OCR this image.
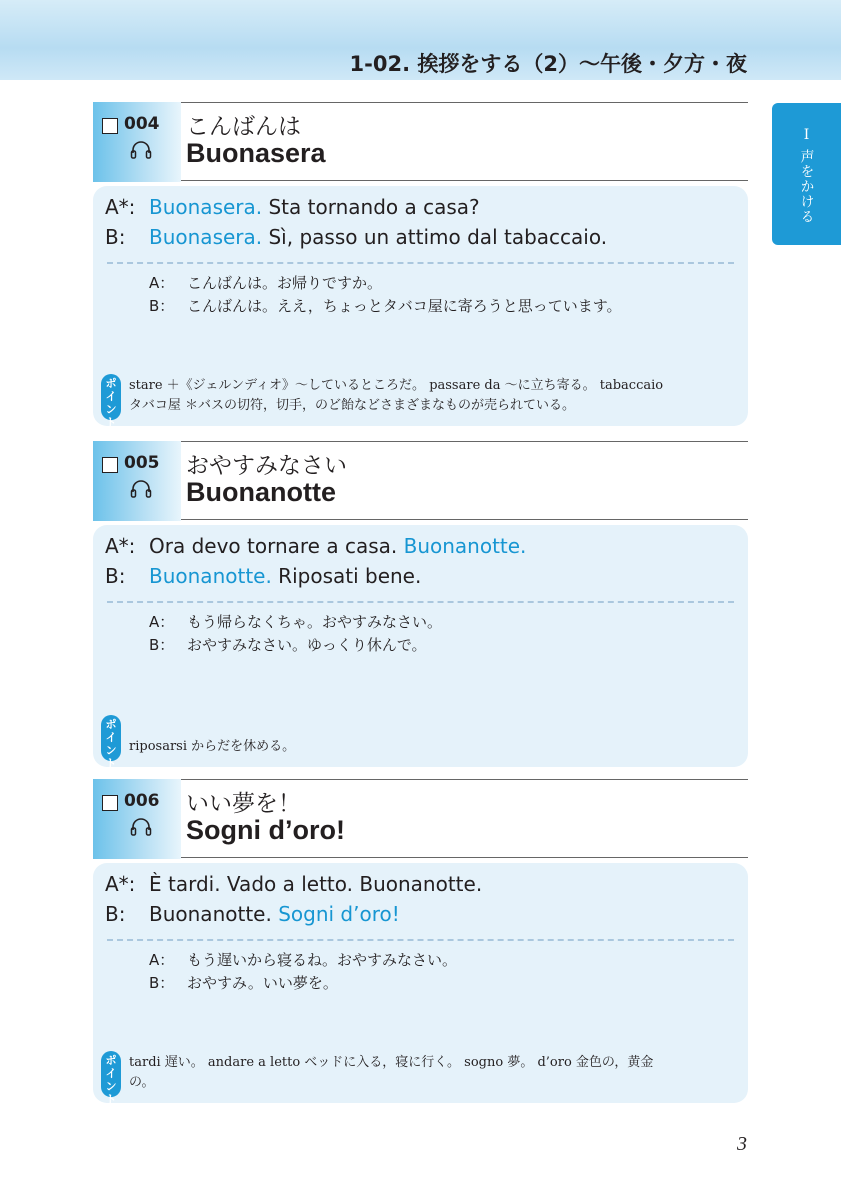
1-02. 挨拶をする（2）～午後・夕方・夜
I
声をかける
004 こんばんは
Buonasera
A*: Buonasera. Sta tornando a casa?
B:	Buonasera. Sì, passo un attimo dal tabaccaio.
A： こんばんは。お帰りですか。
B： こんばんは。ええ，ちょっとタバコ屋に寄ろうと思っています。
ポイント
stare ＋《ジェルンディオ》～しているところだ。 passare da ～に立ち寄る。 tabaccaio
タバコ屋 ＊バスの切符，切手，のど飴などさまざまなものが売られている。
005 おやすみなさい
Buonanotte
A*: Ora devo tornare a casa. Buonanotte.
B:	Buonanotte. Riposati bene.
A： もう帰らなくちゃ。おやすみなさい。
B： おやすみなさい。ゆっくり休んで。
ポイント
riposarsi からだを休める。
006 いい夢を！
Sogni d’oro!
A*: È tardi. Vado a letto. Buonanotte.
B:	Buonanotte. Sogni d’oro!
A： もう遅いから寝るね。おやすみなさい。
B： おやすみ。いい夢を。
ポイント
tardi 遅い。 andare a letto ベッドに入る，寝に行く。 sogno 夢。 d’oro 金色の，黄金
の。
3
